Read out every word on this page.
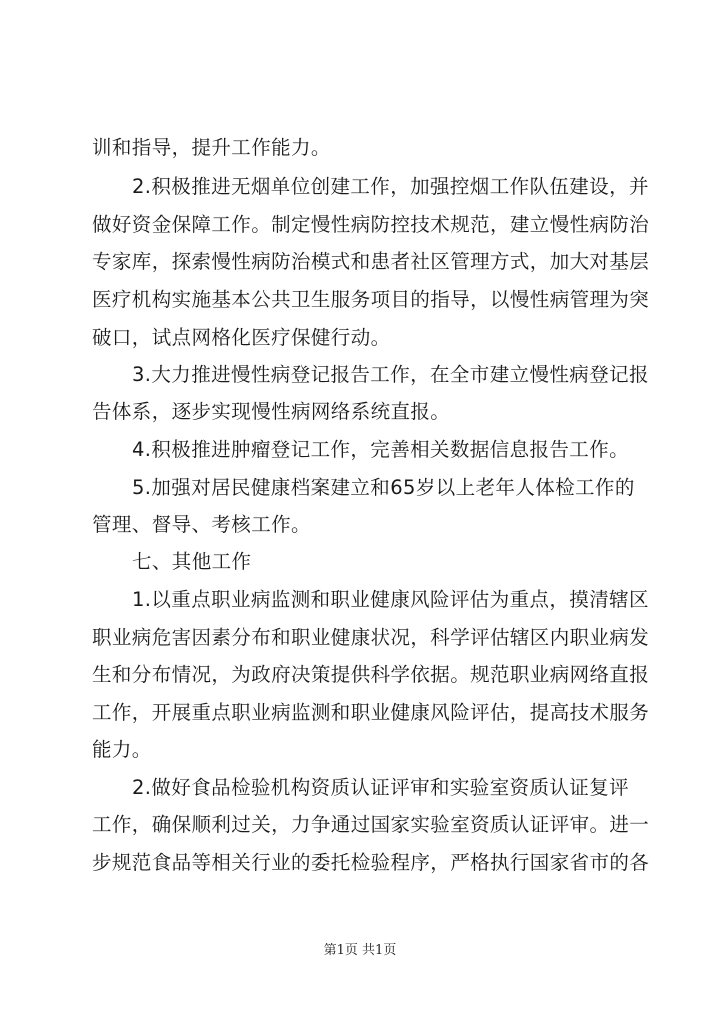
训和指导，提升工作能力。
2.积极推进无烟单位创建工作，加强控烟工作队伍建设，并
做好资金保障工作。制定慢性病防控技术规范，建立慢性病防治
专家库，探索慢性病防治模式和患者社区管理方式，加大对基层
医疗机构实施基本公共卫生服务项目的指导，以慢性病管理为突
破口，试点网格化医疗保健行动。
3.大力推进慢性病登记报告工作，在全市建立慢性病登记报
告体系，逐步实现慢性病网络系统直报。
4.积极推进肿瘤登记工作，完善相关数据信息报告工作。
5.加强对居民健康档案建立和65岁以上老年人体检工作的
管理、督导、考核工作。
七、其他工作
1.以重点职业病监测和职业健康风险评估为重点，摸清辖区
职业病危害因素分布和职业健康状况，科学评估辖区内职业病发
生和分布情况，为政府决策提供科学依据。规范职业病网络直报
工作，开展重点职业病监测和职业健康风险评估，提高技术服务
能力。
2.做好食品检验机构资质认证评审和实验室资质认证复评
工作，确保顺利过关，力争通过国家实验室资质认证评审。进一
步规范食品等相关行业的委托检验程序，严格执行国家省市的各
第1页 共1页
